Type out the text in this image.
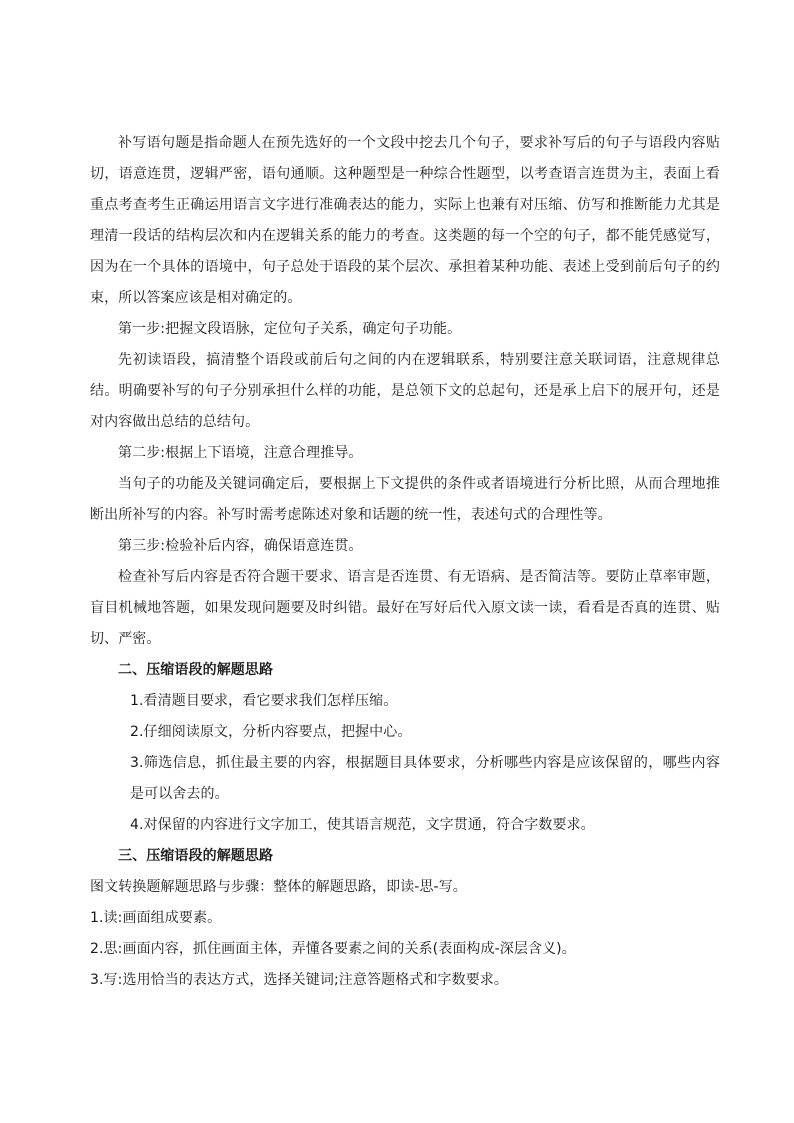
补写语句题是指命题人在预先选好的一个文段中挖去几个句子，要求补写后的句子与语段内容贴切，语意连贯，逻辑严密，语句通顺。这种题型是一种综合性题型，以考查语言连贯为主，表面上看重点考查考生正确运用语言文字进行准确表达的能力，实际上也兼有对压缩、仿写和推断能力尤其是理清一段话的结构层次和内在逻辑关系的能力的考查。这类题的每一个空的句子，都不能凭感觉写，因为在一个具体的语境中，句子总处于语段的某个层次、承担着某种功能、表述上受到前后句子的约束，所以答案应该是相对确定的。

第一步:把握文段语脉，定位句子关系，确定句子功能。

先初读语段，搞清整个语段或前后句之间的内在逻辑联系，特别要注意关联词语，注意规律总结。明确要补写的句子分别承担什么样的功能，是总领下文的总起句，还是承上启下的展开句，还是对内容做出总结的总结句。

第二步:根据上下语境，注意合理推导。

当句子的功能及关键词确定后，要根据上下文提供的条件或者语境进行分析比照，从而合理地推断出所补写的内容。补写时需考虑陈述对象和话题的统一性，表述句式的合理性等。

第三步:检验补后内容，确保语意连贯。

检查补写后内容是否符合题干要求、语言是否连贯、有无语病、是否简洁等。要防止草率审题，盲目机械地答题，如果发现问题要及时纠错。最好在写好后代入原文读一读，看看是否真的连贯、贴切、严密。

二、压缩语段的解题思路

1.看清题目要求，看它要求我们怎样压缩。

2.仔细阅读原文，分析内容要点，把握中心。

3.筛选信息，抓住最主要的内容，根据题目具体要求，分析哪些内容是应该保留的，哪些内容是可以舍去的。

4.对保留的内容进行文字加工，使其语言规范，文字贯通，符合字数要求。

三、压缩语段的解题思路

图文转换题解题思路与步骤：整体的解题思路，即读-思-写。

1.读:画面组成要素。

2.思:画面内容，抓住画面主体，弄懂各要素之间的关系(表面构成-深层含义)。

3.写:选用恰当的表达方式，选择关键词;注意答题格式和字数要求。
